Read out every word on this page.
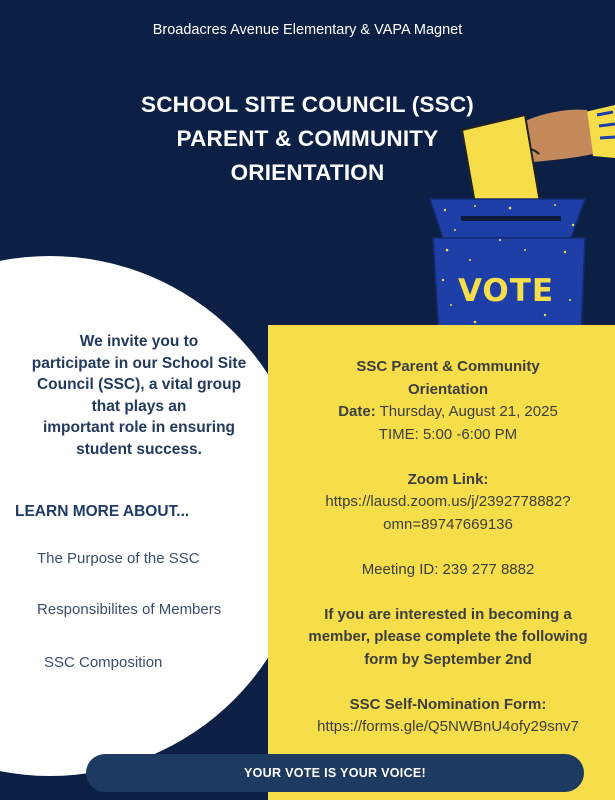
Broadacres Avenue Elementary & VAPA Magnet
SCHOOL SITE COUNCIL (SSC)
PARENT & COMMUNITY
ORIENTATION
VOTE
We invite you to
participate in our School Site
Council (SSC), a vital group
that plays an
important role in ensuring
student success.
LEARN MORE ABOUT...
The Purpose of the SSC
Responsibilites of Members
SSC Composition
SSC Parent & Community
Orientation
Date: Thursday, August 21, 2025
TIME: 5:00 -6:00 PM
Zoom Link:
https://lausd.zoom.us/j/2392778882?
omn=89747669136
Meeting ID: 239 277 8882
If you are interested in becoming a
member, please complete the following
form by September 2nd
SSC Self-Nomination Form:
https://forms.gle/Q5NWBnU4ofy29snv7
YOUR VOTE IS YOUR VOICE!
